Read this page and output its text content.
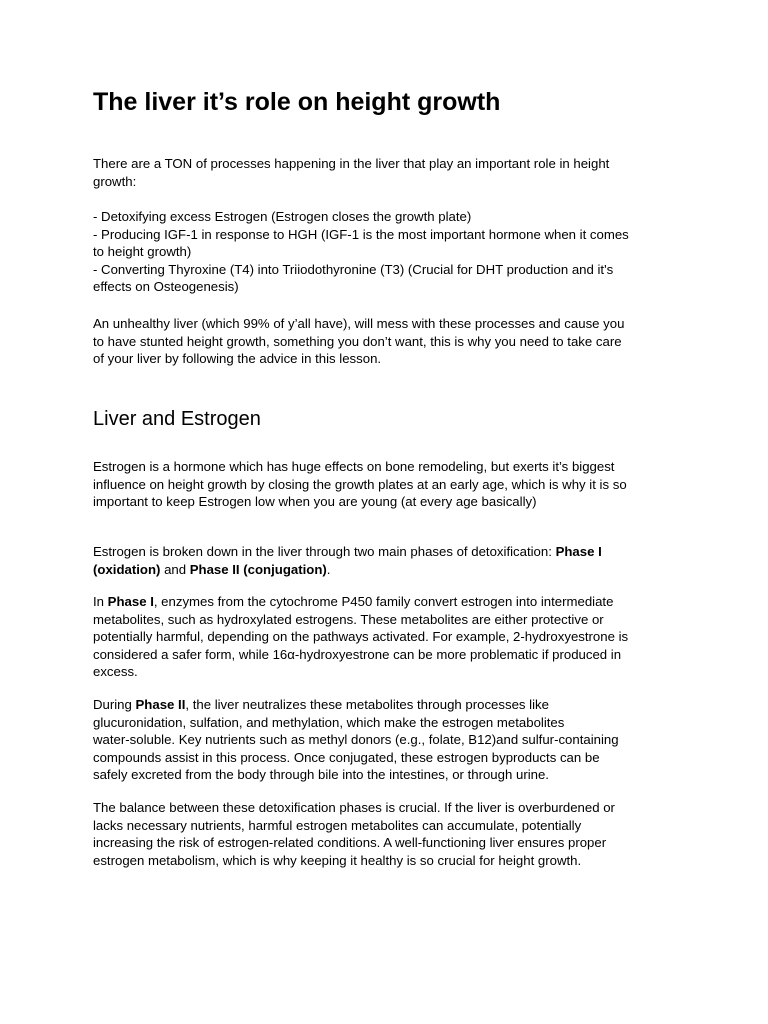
The liver it’s role on height growth

There are a TON of processes happening in the liver that play an important role in height
growth:

- Detoxifying excess Estrogen (Estrogen closes the growth plate)
- Producing IGF-1 in response to HGH (IGF-1 is the most important hormone when it comes
to height growth)
- Converting Thyroxine (T4) into Triiodothyronine (T3) (Crucial for DHT production and it's
effects on Osteogenesis)

An unhealthy liver (which 99% of y’all have), will mess with these processes and cause you
to have stunted height growth, something you don’t want, this is why you need to take care
of your liver by following the advice in this lesson.

Liver and Estrogen

Estrogen is a hormone which has huge effects on bone remodeling, but exerts it’s biggest
influence on height growth by closing the growth plates at an early age, which is why it is so
important to keep Estrogen low when you are young (at every age basically)

Estrogen is broken down in the liver through two main phases of detoxification: Phase I
(oxidation) and Phase II (conjugation).

In Phase I, enzymes from the cytochrome P450 family convert estrogen into intermediate
metabolites, such as hydroxylated estrogens. These metabolites are either protective or
potentially harmful, depending on the pathways activated. For example, 2-hydroxyestrone is
considered a safer form, while 16α-hydroxyestrone can be more problematic if produced in
excess.

During Phase II, the liver neutralizes these metabolites through processes like
glucuronidation, sulfation, and methylation, which make the estrogen metabolites
water-soluble. Key nutrients such as methyl donors (e.g., folate, B12)and sulfur-containing
compounds assist in this process. Once conjugated, these estrogen byproducts can be
safely excreted from the body through bile into the intestines, or through urine.

The balance between these detoxification phases is crucial. If the liver is overburdened or
lacks necessary nutrients, harmful estrogen metabolites can accumulate, potentially
increasing the risk of estrogen-related conditions. A well-functioning liver ensures proper
estrogen metabolism, which is why keeping it healthy is so crucial for height growth.
